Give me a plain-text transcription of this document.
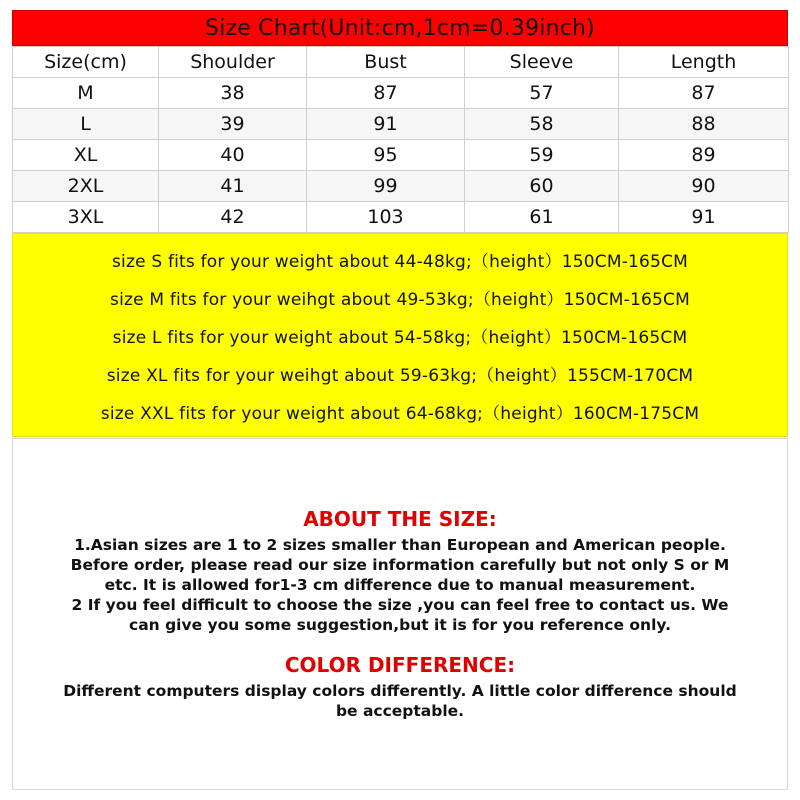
Size Chart(Unit:cm,1cm=0.39inch)
Size(cm)	Shoulder	Bust	Sleeve	Length
M	38	87	57	87
L	39	91	58	88
XL	40	95	59	89
2XL	41	99	60	90
3XL	42	103	61	91
size S fits for your weight about 44-48kg;（height）150CM-165CM
size M fits for your weihgt about 49-53kg;（height）150CM-165CM
size L fits for your weight about 54-58kg;（height）150CM-165CM
size XL fits for your weihgt about 59-63kg;（height）155CM-170CM
size XXL fits for your weight about 64-68kg;（height）160CM-175CM

ABOUT THE SIZE:

1.Asian sizes are 1 to 2 sizes smaller than European and American people.

Before order, please read our size information carefully but not only S or M

etc. It is allowed for1-3 cm difference due to manual measurement.

2 If you feel difficult to choose the size ,you can feel free to contact us. We

can give you some suggestion,but it is for you reference only.

COLOR DIFFERENCE:

Different computers display colors differently. A little color difference should

be acceptable.
